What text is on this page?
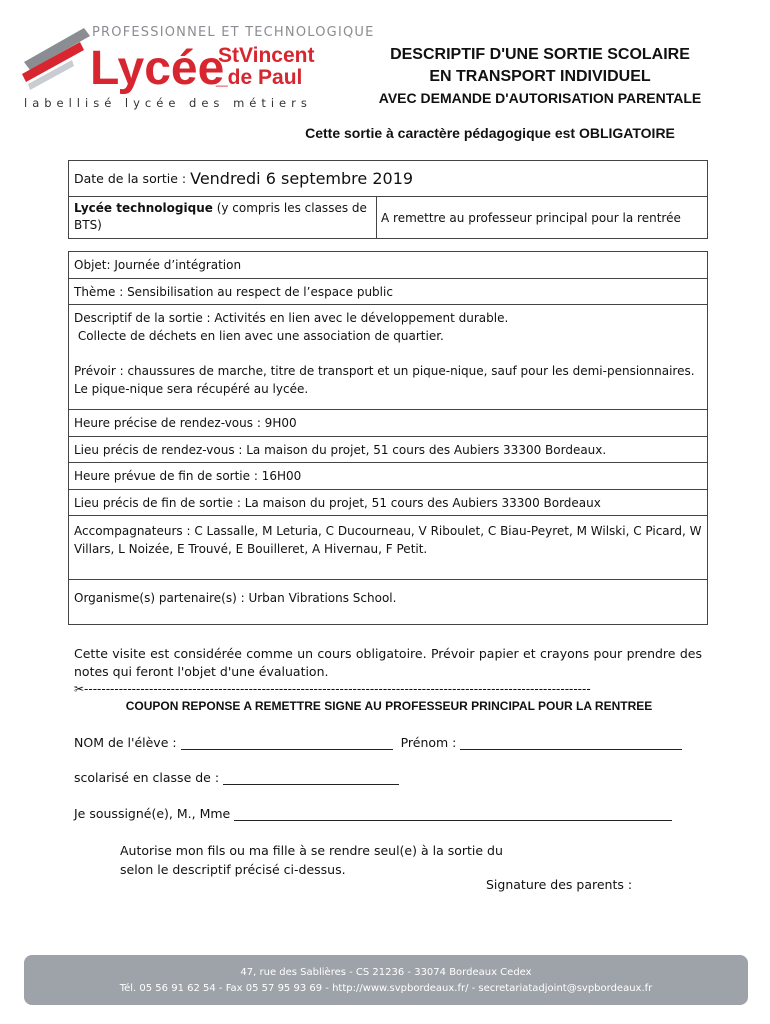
PROFESSIONNEL ET TECHNOLOGIQUE
Lycée
StVincent
_de Paul
labellisé lycée des métiers
DESCRIPTIF D'UNE SORTIE SCOLAIRE
EN TRANSPORT INDIVIDUEL
AVEC DEMANDE D'AUTORISATION PARENTALE
Cette sortie à caractère pédagogique est OBLIGATOIRE
Date de la sortie : Vendredi 6 septembre 2019
Lycée technologique (y compris les classes de BTS)	A remettre au professeur principal pour la rentrée
Objet: Journée d’intégration
Thème : Sensibilisation au respect de l’espace public
Descriptif de la sortie : Activités en lien avec le développement durable.
Collecte de déchets en lien avec une association de quartier.
Prévoir : chaussures de marche, titre de transport et un pique-nique, sauf pour les demi-pensionnaires. Le pique-nique sera récupéré au lycée.
Heure précise de rendez-vous : 9H00
Lieu précis de rendez-vous : La maison du projet, 51 cours des Aubiers 33300 Bordeaux.
Heure prévue de fin de sortie : 16H00
Lieu précis de fin de sortie : La maison du projet, 51 cours des Aubiers 33300 Bordeaux
Accompagnateurs : C Lassalle, M Leturia, C Ducourneau, V Riboulet, C Biau-Peyret, M Wilski, C Picard, W Villars, L Noizée, E Trouvé, E Bouilleret, A Hivernau, F Petit.
Organisme(s) partenaire(s) : Urban Vibrations School.
Cette visite est considérée comme un cours obligatoire. Prévoir papier et crayons pour prendre des notes qui feront l'objet d'une évaluation.
✂---------------------------------------------------------------------------------------------------------------------
COUPON REPONSE A REMETTRE SIGNE AU PROFESSEUR PRINCIPAL POUR LA RENTREE
NOM de l'élève :	Prénom :
scolarisé en classe de :
Je soussigné(e), M., Mme
Autorise mon fils ou ma fille à se rendre seul(e) à la sortie du selon le descriptif précisé ci-dessus.
Signature des parents :
47, rue des Sablières - CS 21236 - 33074 Bordeaux Cedex
Tél. 05 56 91 62 54 - Fax 05 57 95 93 69 - http://www.svpbordeaux.fr/ - secretariatadjoint@svpbordeaux.fr
